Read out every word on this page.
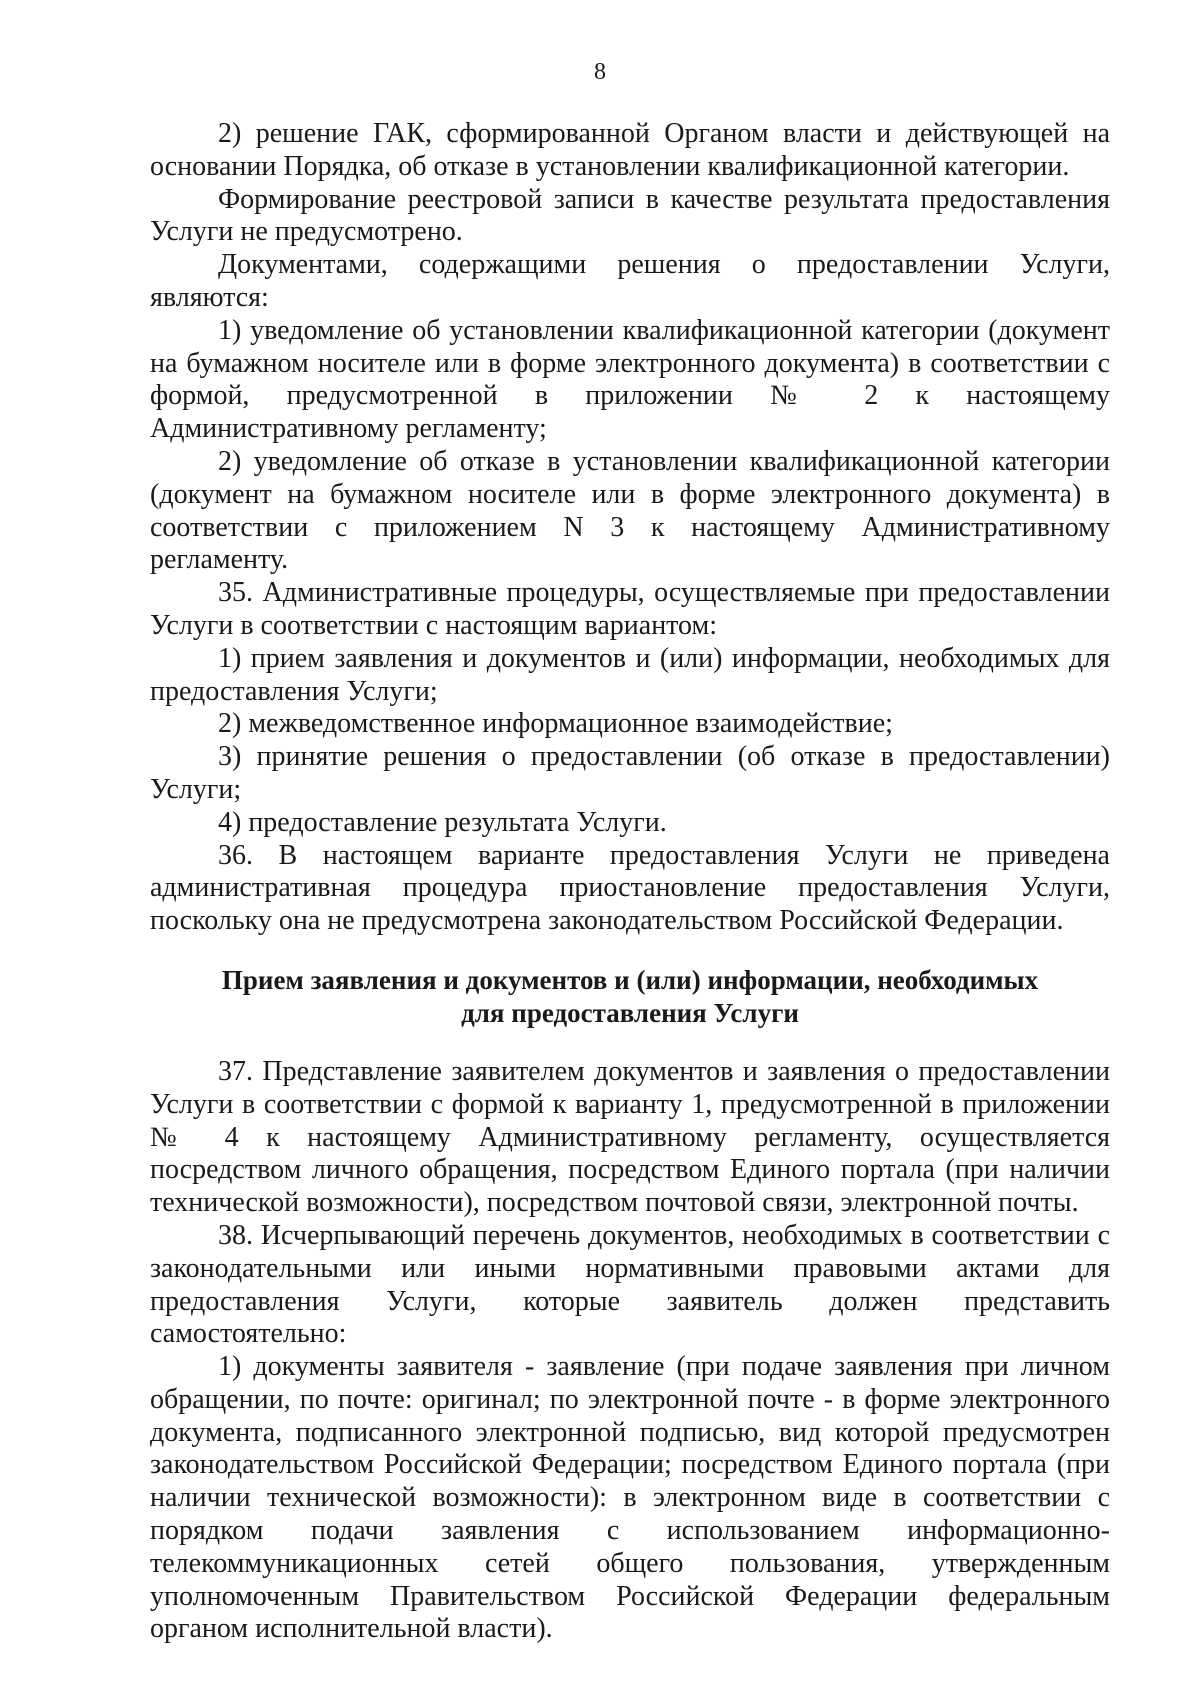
8

2) решение ГАК, сформированной Органом власти и действующей на основании Порядка, об отказе в установлении квалификационной категории.

Формирование реестровой записи в качестве результата предоставления Услуги не предусмотрено.

Документами, содержащими решения о предоставлении Услуги, являются:

1) уведомление об установлении квалификационной категории (документ на бумажном носителе или в форме электронного документа) в соответствии с формой, предусмотренной в приложении № 2 к настоящему Административному регламенту;

2) уведомление об отказе в установлении квалификационной категории (документ на бумажном носителе или в форме электронного документа) в соответствии с приложением N 3 к настоящему Административному регламенту.

35. Административные процедуры, осуществляемые при предоставлении Услуги в соответствии с настоящим вариантом:

1) прием заявления и документов и (или) информации, необходимых для предоставления Услуги;

2) межведомственное информационное взаимодействие;

3) принятие решения о предоставлении (об отказе в предоставлении) Услуги;

4) предоставление результата Услуги.

36. В настоящем варианте предоставления Услуги не приведена административная процедура приостановление предоставления Услуги, поскольку она не предусмотрена законодательством Российской Федерации.

Прием заявления и документов и (или) информации, необходимых
для предоставления Услуги

37. Представление заявителем документов и заявления о предоставлении Услуги в соответствии с формой к варианту 1, предусмотренной в приложении № 4 к настоящему Административному регламенту, осуществляется посредством личного обращения, посредством Единого портала (при наличии технической возможности), посредством почтовой связи, электронной почты.

38. Исчерпывающий перечень документов, необходимых в соответствии с законодательными или иными нормативными правовыми актами для предоставления Услуги, которые заявитель должен представить самостоятельно:

1) документы заявителя - заявление (при подаче заявления при личном обращении, по почте: оригинал; по электронной почте - в форме электронного документа, подписанного электронной подписью, вид которой предусмотрен законодательством Российской Федерации; посредством Единого портала (при наличии технической возможности): в электронном виде в соответствии с порядком подачи заявления с использованием информационно-телекоммуникационных сетей общего пользования, утвержденным уполномоченным Правительством Российской Федерации федеральным органом исполнительной власти).
